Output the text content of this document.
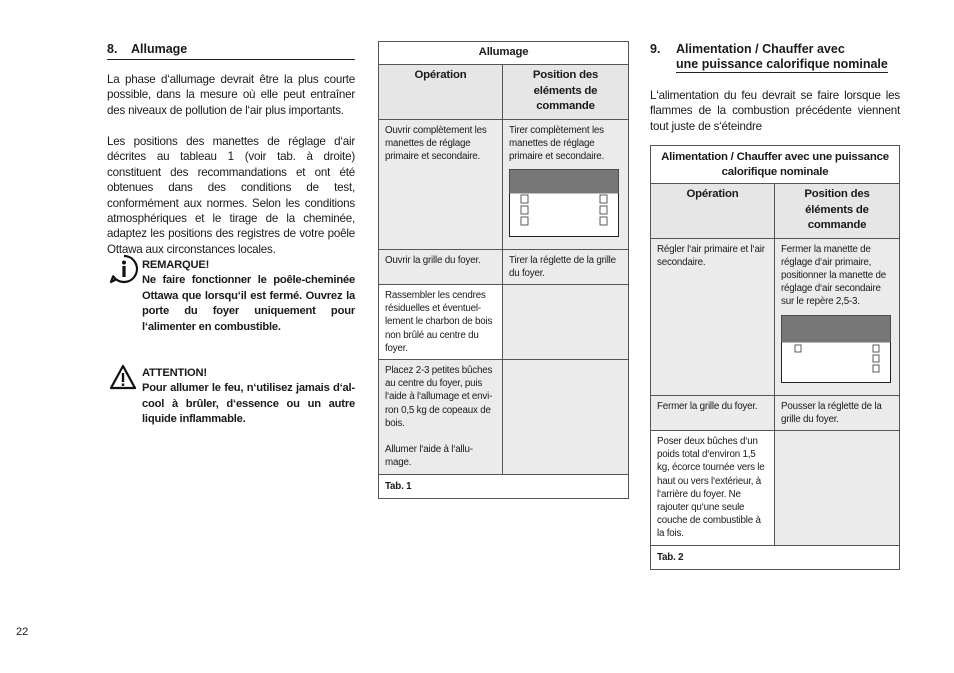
8. Allumage
La phase d‘allumage devrait être la plus courte possible, dans la mesure où elle peut entraîner des niveaux de pollution de l‘air plus importants.
Les positions des manettes de réglage d‘air décrites au tableau 1 (voir tab. à droite) constituent des recommandations et ont été obtenues dans des conditions de test, conformément aux normes. Selon les conditions atmosphériques et le tirage de la cheminée, adaptez les positions des registres de votre poêle Ottawa aux circonstances locales.
REMARQUE!
Ne faire fonctionner le poêle-cheminée Ottawa que lorsqu‘il est fermé. Ouvrez la porte du foyer uniquement pour l‘alimenter en combustible.
ATTENTION!
Pour allumer le feu, n‘utilisez jamais d‘al-cool à brûler, d‘essence ou un autre liquide inflammable.
Allumage	
Opération	Position des eléments de commande
Ouvrir complètement les manettes de réglage primaire et secondaire.	Tirer complètement les manettes de réglage primaire et secondaire.

Ouvrir la grille du foyer.	Tirer la réglette de la grille du foyer.
Rassembler les cendres résiduelles et éventuel-lement le charbon de bois non brûlé au centre du foyer.	

Placez 2-3 petites bûches au centre du foyer, puis l‘aide à l‘allumage et envi-ron 0,5 kg de copeaux de bois.
Allumer l‘aide à l‘allu-mage.	

Tab. 1	
9. Alimentation / Chauffer avec
une puissance calorifique nominale
L‘alimentation du feu devrait se faire lorsque les flammes de la combustion précédente viennent tout juste de s‘éteindre
Alimentation / Chauffer avec une puissance calorifique nominale	
Opération	Position des éléments de commande
Régler l‘air primaire et l‘air secondaire.	Fermer la manette de réglage d‘air primaire, positionner la manette de réglage d‘air secondaire sur le repère 2,5-3.

Fermer la grille du foyer.	Pousser la réglette de la grille du foyer.
Poser deux bûches d‘un poids total d‘environ 1,5 kg, écorce tournée vers le haut ou vers l‘extérieur, à l‘arrière du foyer. Ne rajouter qu‘une seule couche de combustible à la fois.	
Tab. 2	
22
